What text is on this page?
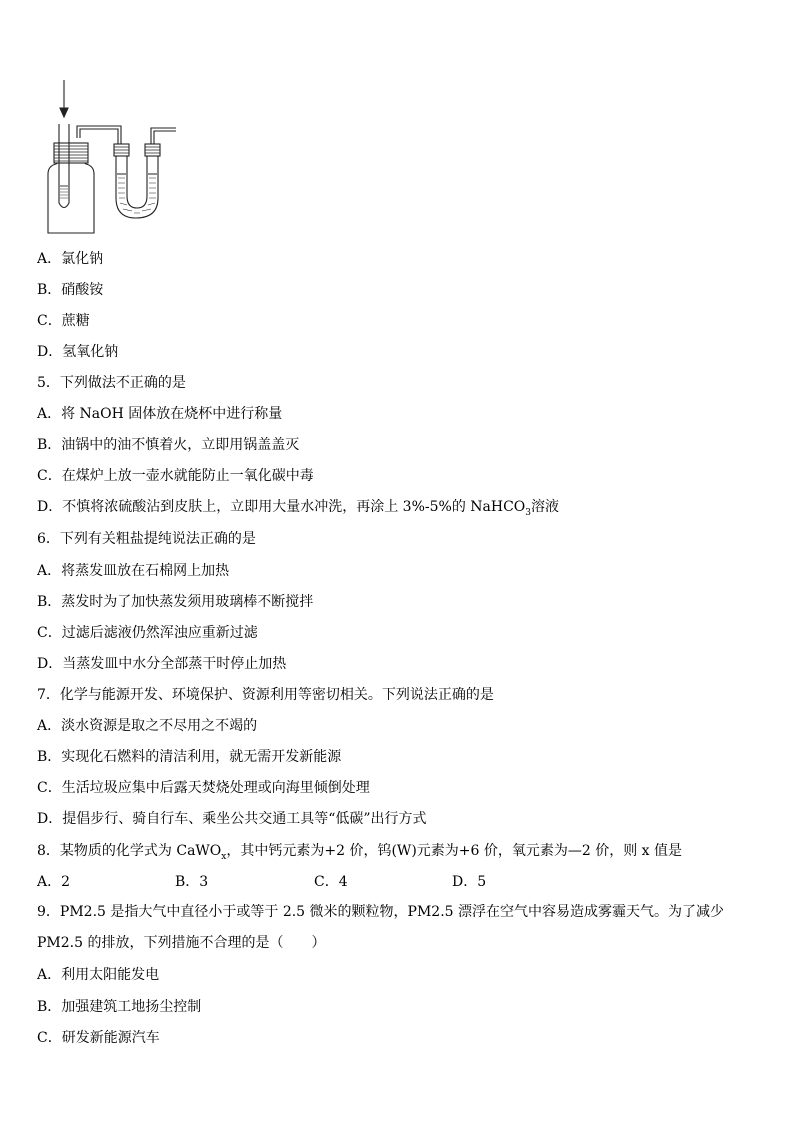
A．氯化钠
B．硝酸铵
C．蔗糖
D．氢氧化钠
5．下列做法不正确的是
A．将 NaOH 固体放在烧杯中进行称量
B．油锅中的油不慎着火，立即用锅盖盖灭
C．在煤炉上放一壶水就能防止一氧化碳中毒
D．不慎将浓硫酸沾到皮肤上，立即用大量水冲洗，再涂上 3%-5%的 NaHCO$_3$溶液
6．下列有关粗盐提纯说法正确的是
A．将蒸发皿放在石棉网上加热
B．蒸发时为了加快蒸发须用玻璃棒不断搅拌
C．过滤后滤液仍然浑浊应重新过滤
D．当蒸发皿中水分全部蒸干时停止加热
7．化学与能源开发、环境保护、资源利用等密切相关。下列说法正确的是
A．淡水资源是取之不尽用之不竭的
B．实现化石燃料的清洁利用，就无需开发新能源
C．生活垃圾应集中后露天焚烧处理或向海里倾倒处理
D．提倡步行、骑自行车、乘坐公共交通工具等“低碳”出行方式
8．某物质的化学式为 CaWO$_x$，其中钙元素为+2 价，钨(W)元素为+6 价，氧元素为—2 价，则 x 值是
A．2	B．3	C．4	D．5
9．PM2.5 是指大气中直径小于或等于 2.5 微米的颗粒物，PM2.5 漂浮在空气中容易造成雾霾天气。为了减少 PM2.5 的排放，下列措施不合理的是（　　）
A．利用太阳能发电
B．加强建筑工地扬尘控制
C．研发新能源汽车
